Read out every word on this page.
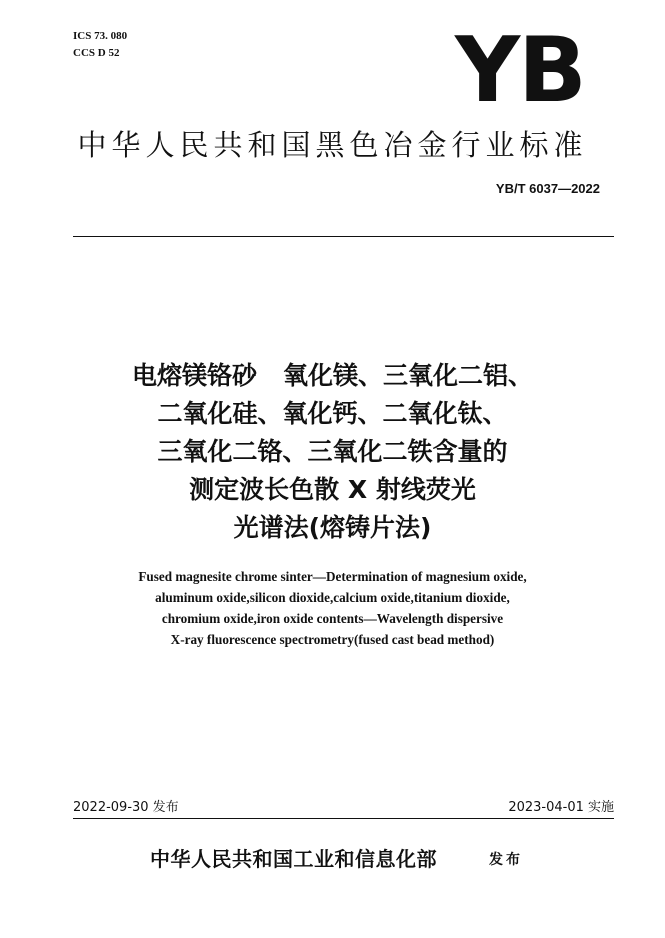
ICS 73. 080
CCS D 52	YB
中华人民共和国黑色冶金行业标准
YB/T 6037—2022
电熔镁铬砂   氧化镁、三氧化二铝、
二氧化硅、氧化钙、二氧化钛、
三氧化二铬、三氧化二铁含量的
测定波长色散 X 射线荧光
光谱法(熔铸片法)
Fused magnesite chrome sinter—Determination of magnesium oxide,
aluminum oxide,silicon dioxide,calcium oxide,titanium dioxide,
chromium oxide,iron oxide contents—Wavelength dispersive
X-ray fluorescence spectrometry(fused cast bead method)
2022-09-30 发布	2023-04-01 实施
中华人民共和国工业和信息化部	发布
